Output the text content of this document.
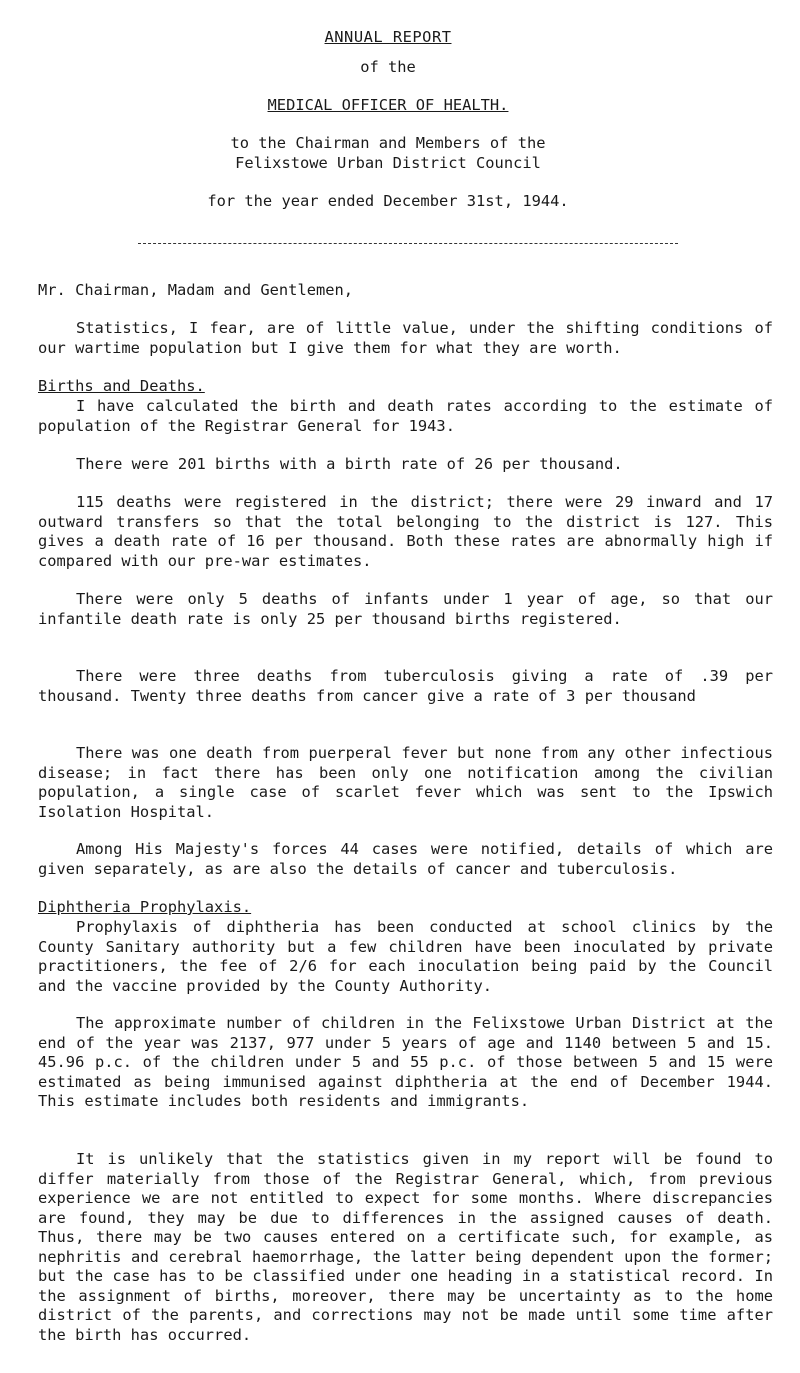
ANNUAL REPORT
of the
MEDICAL OFFICER OF HEALTH.
to the Chairman and Members of the
Felixstowe Urban District Council
for the year ended December 31st, 1944.
Mr. Chairman, Madam and Gentlemen,

Statistics, I fear, are of little value, under the shifting conditions of our wartime population but I give them for what they are worth.

Births and Deaths.

I have calculated the birth and death rates according to the estimate of population of the Registrar General for 1943.

There were 201 births with a birth rate of 26 per thousand.

115 deaths were registered in the district; there were 29 inward and 17 outward transfers so that the total belonging to the district is 127. This gives a death rate of 16 per thousand. Both these rates are abnormally high if compared with our pre-war estimates.

There were only 5 deaths of infants under 1 year of age, so that our infantile death rate is only 25 per thousand births registered.

There were three deaths from tuberculosis giving a rate of .39 per thousand. Twenty three deaths from cancer give a rate of 3 per thousand

There was one death from puerperal fever but none from any other infectious disease; in fact there has been only one notification among the civilian population, a single case of scarlet fever which was sent to the Ipswich Isolation Hospital.

Among His Majesty's forces 44 cases were notified, details of which are given separately, as are also the details of cancer and tuberculosis.

Diphtheria Prophylaxis.

Prophylaxis of diphtheria has been conducted at school clinics by the County Sanitary authority but a few children have been inoculated by private practitioners, the fee of 2/6 for each inoculation being paid by the Council and the vaccine provided by the County Authority.

The approximate number of children in the Felixstowe Urban District at the end of the year was 2137, 977 under 5 years of age and 1140 between 5 and 15. 45.96 p.c. of the children under 5 and 55 p.c. of those between 5 and 15 were estimated as being immunised against diphtheria at the end of December 1944. This estimate includes both residents and immigrants.

It is unlikely that the statistics given in my report will be found to differ materially from those of the Registrar General, which, from previous experience we are not entitled to expect for some months. Where discrepancies are found, they may be due to differences in the assigned causes of death. Thus, there may be two causes entered on a certificate such, for example, as nephritis and cerebral haemorrhage, the latter being dependent upon the former; but the case has to be classified under one heading in a statistical record. In the assignment of births, moreover, there may be uncertainty as to the home district of the parents, and corrections may not be made until some time after the birth has occurred.
